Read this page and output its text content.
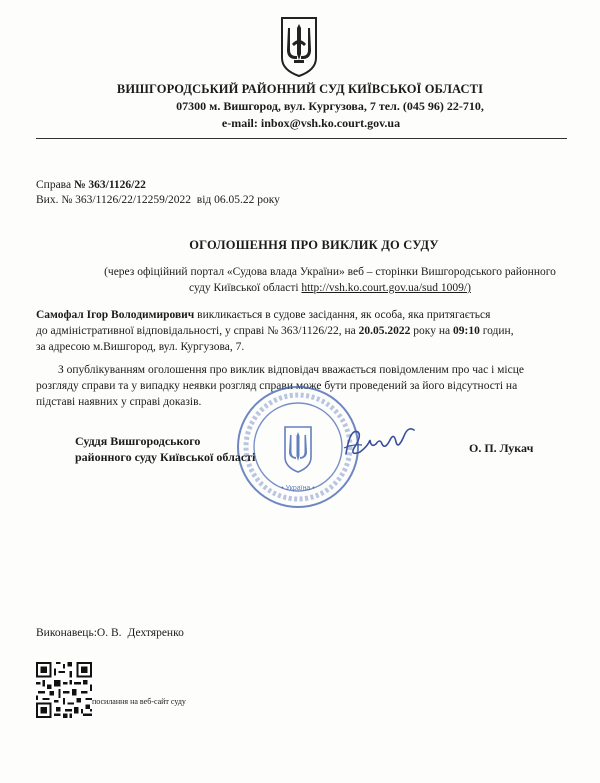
ВИШГОРОДСЬКИЙ РАЙОННИЙ СУД КИЇВСЬКОЇ ОБЛАСТІ
07300 м. Вишгород, вул. Кургузова, 7 тел. (045 96) 22-710,
e-mail: inbox@vsh.ko.court.gov.ua
Справа № 363/1126/22
Вих. № 363/1126/22/12259/2022 від 06.05.22 року
ОГОЛОШЕННЯ ПРО ВИКЛИК ДО СУДУ
(через офіційний портал «Судова влада України» веб – сторінки Вишгородського районного
суду Київської області http://vsh.ko.court.gov.ua/sud 1009/)
Самофал Ігор Володимирович викликається в судове засідання, як особа, яка притягається
до адміністративної відповідальності, у справі № 363/1126/22, на 20.05.2022 року на 09:10 годин,
за адресою м.Вишгород, вул. Кургузова, 7.
З опублікуванням оголошення про виклик відповідач вважається повідомленим про час і місце
розгляду справи та у випадку неявки розгляд справи може бути проведений за його відсутності на
підставі наявних у справі доказів.
• Україна •
Суддя Вишгородського
районного суду Київської області
О. П. Лукач
Виконавець:О. В. Дехтяренко
посилання на веб-сайт суду
